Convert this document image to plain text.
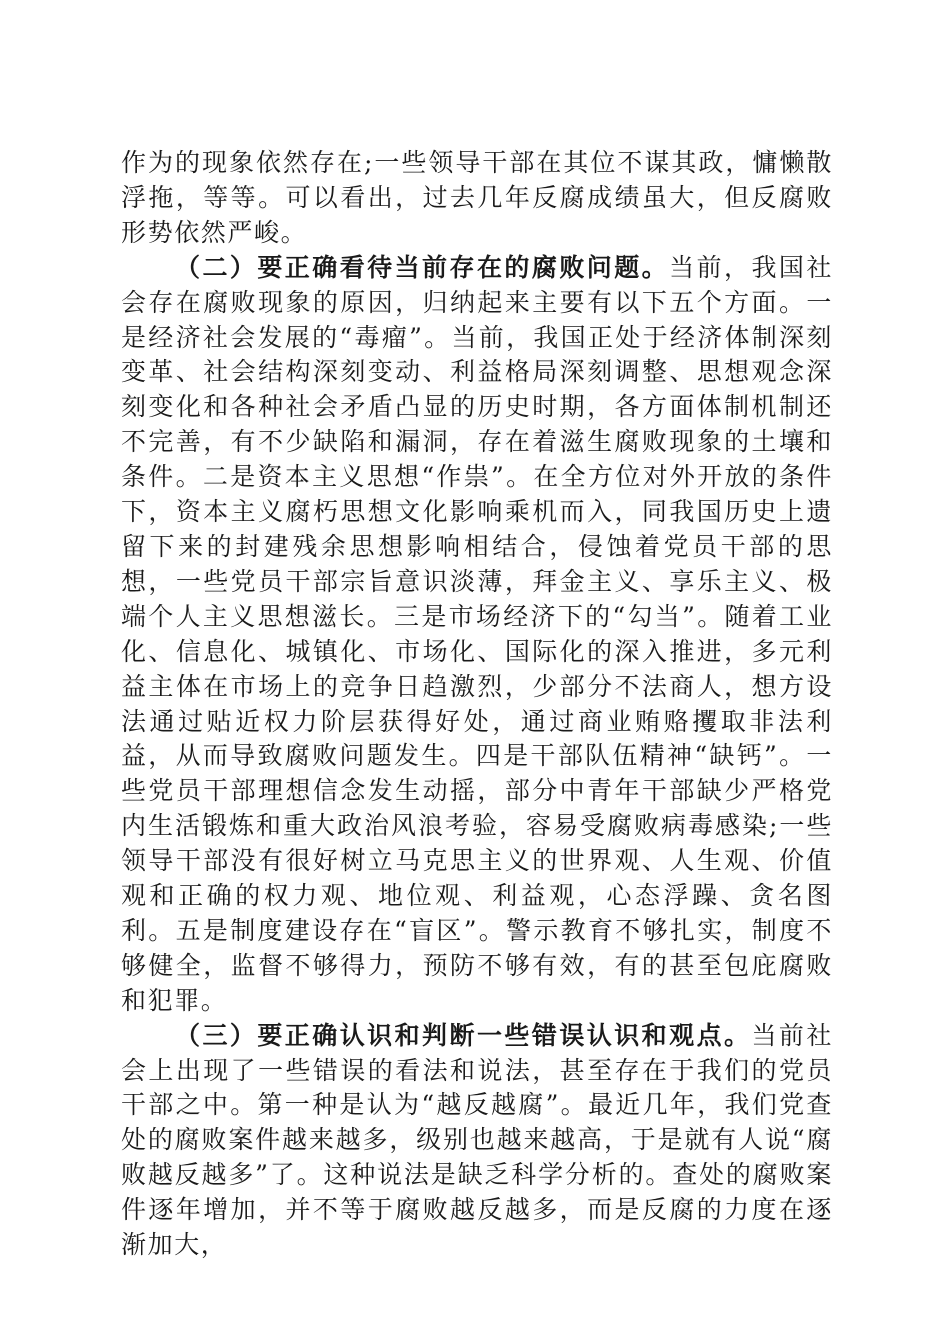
作为的现象依然存在;一些领导干部在其位不谋其政，慵懒散浮拖，等等。可以看出，过去几年反腐成绩虽大，但反腐败形势依然严峻。

（二）要正确看待当前存在的腐败问题。当前，我国社会存在腐败现象的原因，归纳起来主要有以下五个方面。一是经济社会发展的“毒瘤”。当前，我国正处于经济体制深刻变革、社会结构深刻变动、利益格局深刻调整、思想观念深刻变化和各种社会矛盾凸显的历史时期，各方面体制机制还不完善，有不少缺陷和漏洞，存在着滋生腐败现象的土壤和条件。二是资本主义思想“作祟”。在全方位对外开放的条件下，资本主义腐朽思想文化影响乘机而入，同我国历史上遗留下来的封建残余思想影响相结合，侵蚀着党员干部的思想，一些党员干部宗旨意识淡薄，拜金主义、享乐主义、极端个人主义思想滋长。三是市场经济下的“勾当”。随着工业化、信息化、城镇化、市场化、国际化的深入推进，多元利益主体在市场上的竞争日趋激烈，少部分不法商人，想方设法通过贴近权力阶层获得好处，通过商业贿赂攫取非法利益，从而导致腐败问题发生。四是干部队伍精神“缺钙”。一些党员干部理想信念发生动摇，部分中青年干部缺少严格党内生活锻炼和重大政治风浪考验，容易受腐败病毒感染;一些领导干部没有很好树立马克思主义的世界观、人生观、价值观和正确的权力观、地位观、利益观，心态浮躁、贪名图利。五是制度建设存在“盲区”。警示教育不够扎实，制度不够健全，监督不够得力，预防不够有效，有的甚至包庇腐败和犯罪。

（三）要正确认识和判断一些错误认识和观点。当前社会上出现了一些错误的看法和说法，甚至存在于我们的党员干部之中。第一种是认为“越反越腐”。最近几年，我们党查处的腐败案件越来越多，级别也越来越高，于是就有人说“腐败越反越多”了。这种说法是缺乏科学分析的。查处的腐败案件逐年增加，并不等于腐败越反越多，而是反腐的力度在逐渐加大，
